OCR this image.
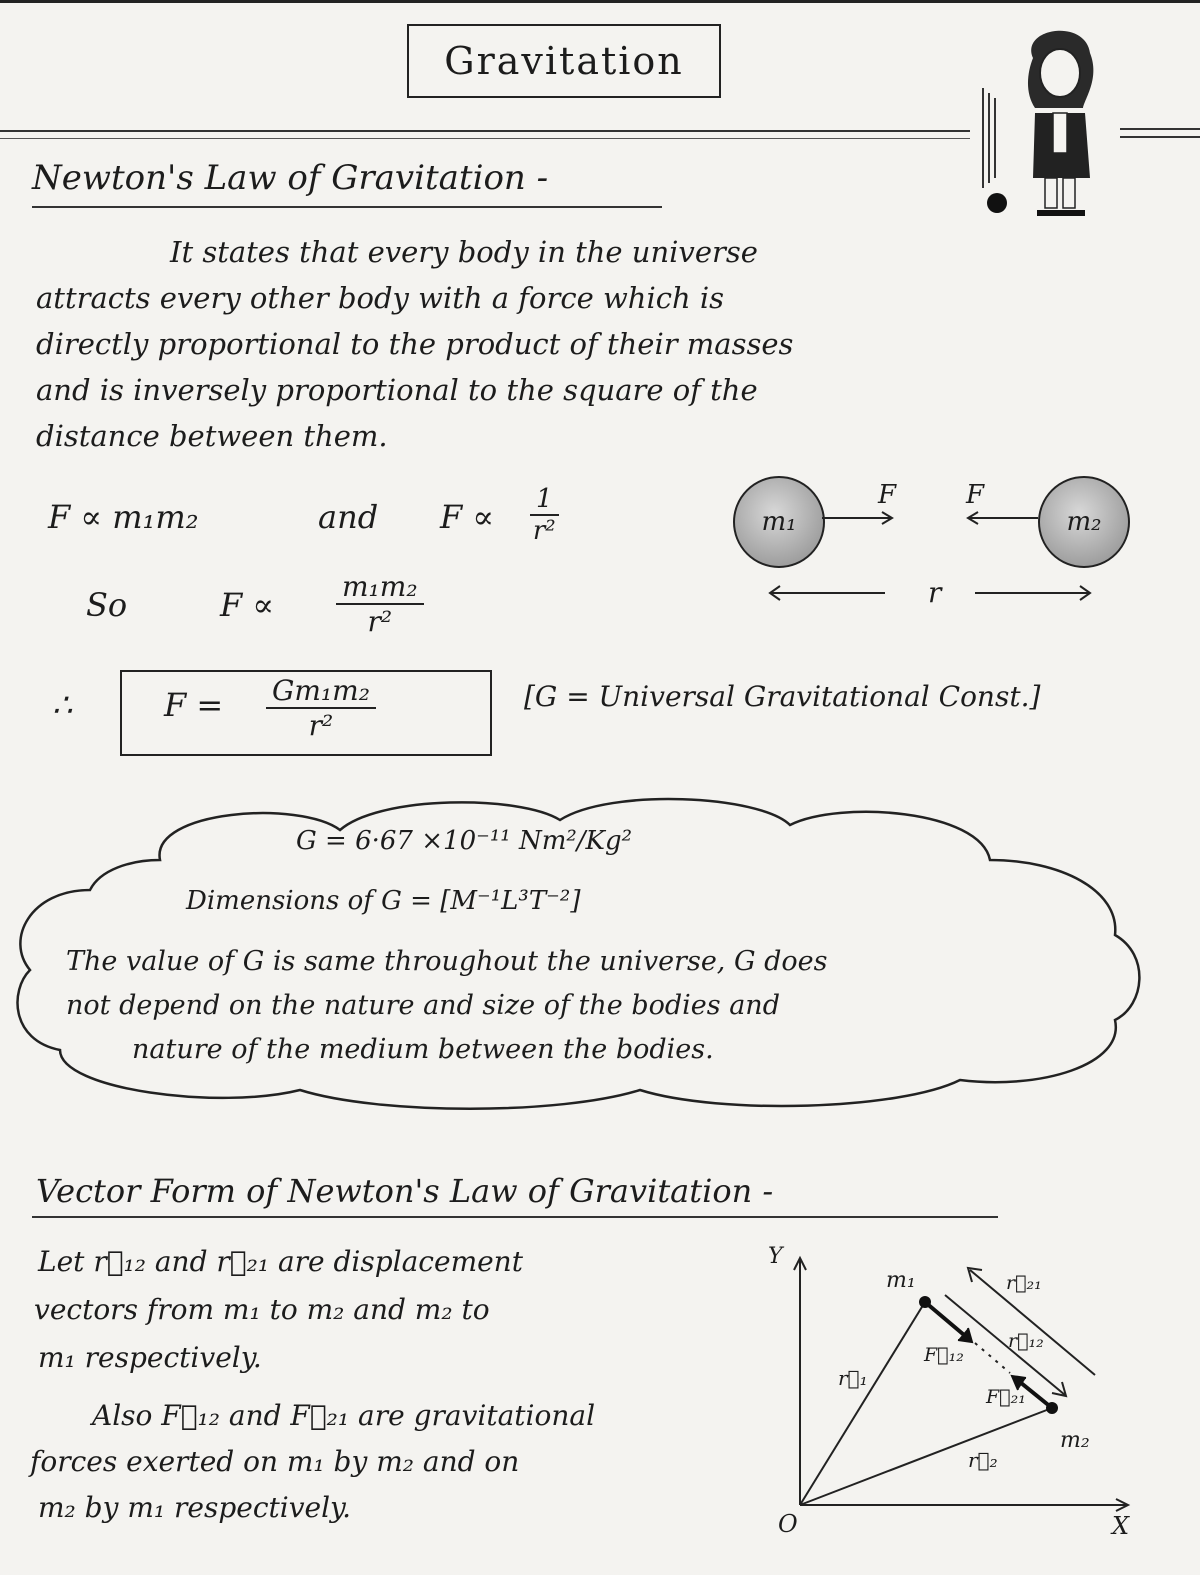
Gravitation
Newton's Law of Gravitation -
It states that every body in the universe
attracts every other body with a force which is
directly proportional to the product of their masses
and is inversely proportional to the square of the
distance between them.
F ∝ m₁m₂	and $F \propto \frac{1}{\text{r²}}$
So	$F \propto \frac{\text{m₁m₂}}{\text{r²}}$
m₁	m₂
F	F
r
∴	$F = \frac{\text{Gm₁m₂}}{\text{r²}}$	[G = Universal Gravitational Const.]
G = 6·67 ×10⁻¹¹ Nm²/Kg²
Dimensions of G = [M⁻¹L³T⁻²]
The value of G is same throughout the universe, G does
not depend on the nature and size of the bodies and
nature of the medium between the bodies.
Vector Form of Newton's Law of Gravitation -
Let r⃗₁₂ and r⃗₂₁ are displacement
vectors from m₁ to m₂ and m₂ to
m₁ respectively.
Also F⃗₁₂ and F⃗₂₁ are gravitational
forces exerted on m₁ by m₂ and on
m₂ by m₁ respectively.
Y
X
O
m₁
m₂
r⃗₁
r⃗₂
r⃗₂₁
r⃗₁₂
F⃗₁₂
F⃗₂₁
